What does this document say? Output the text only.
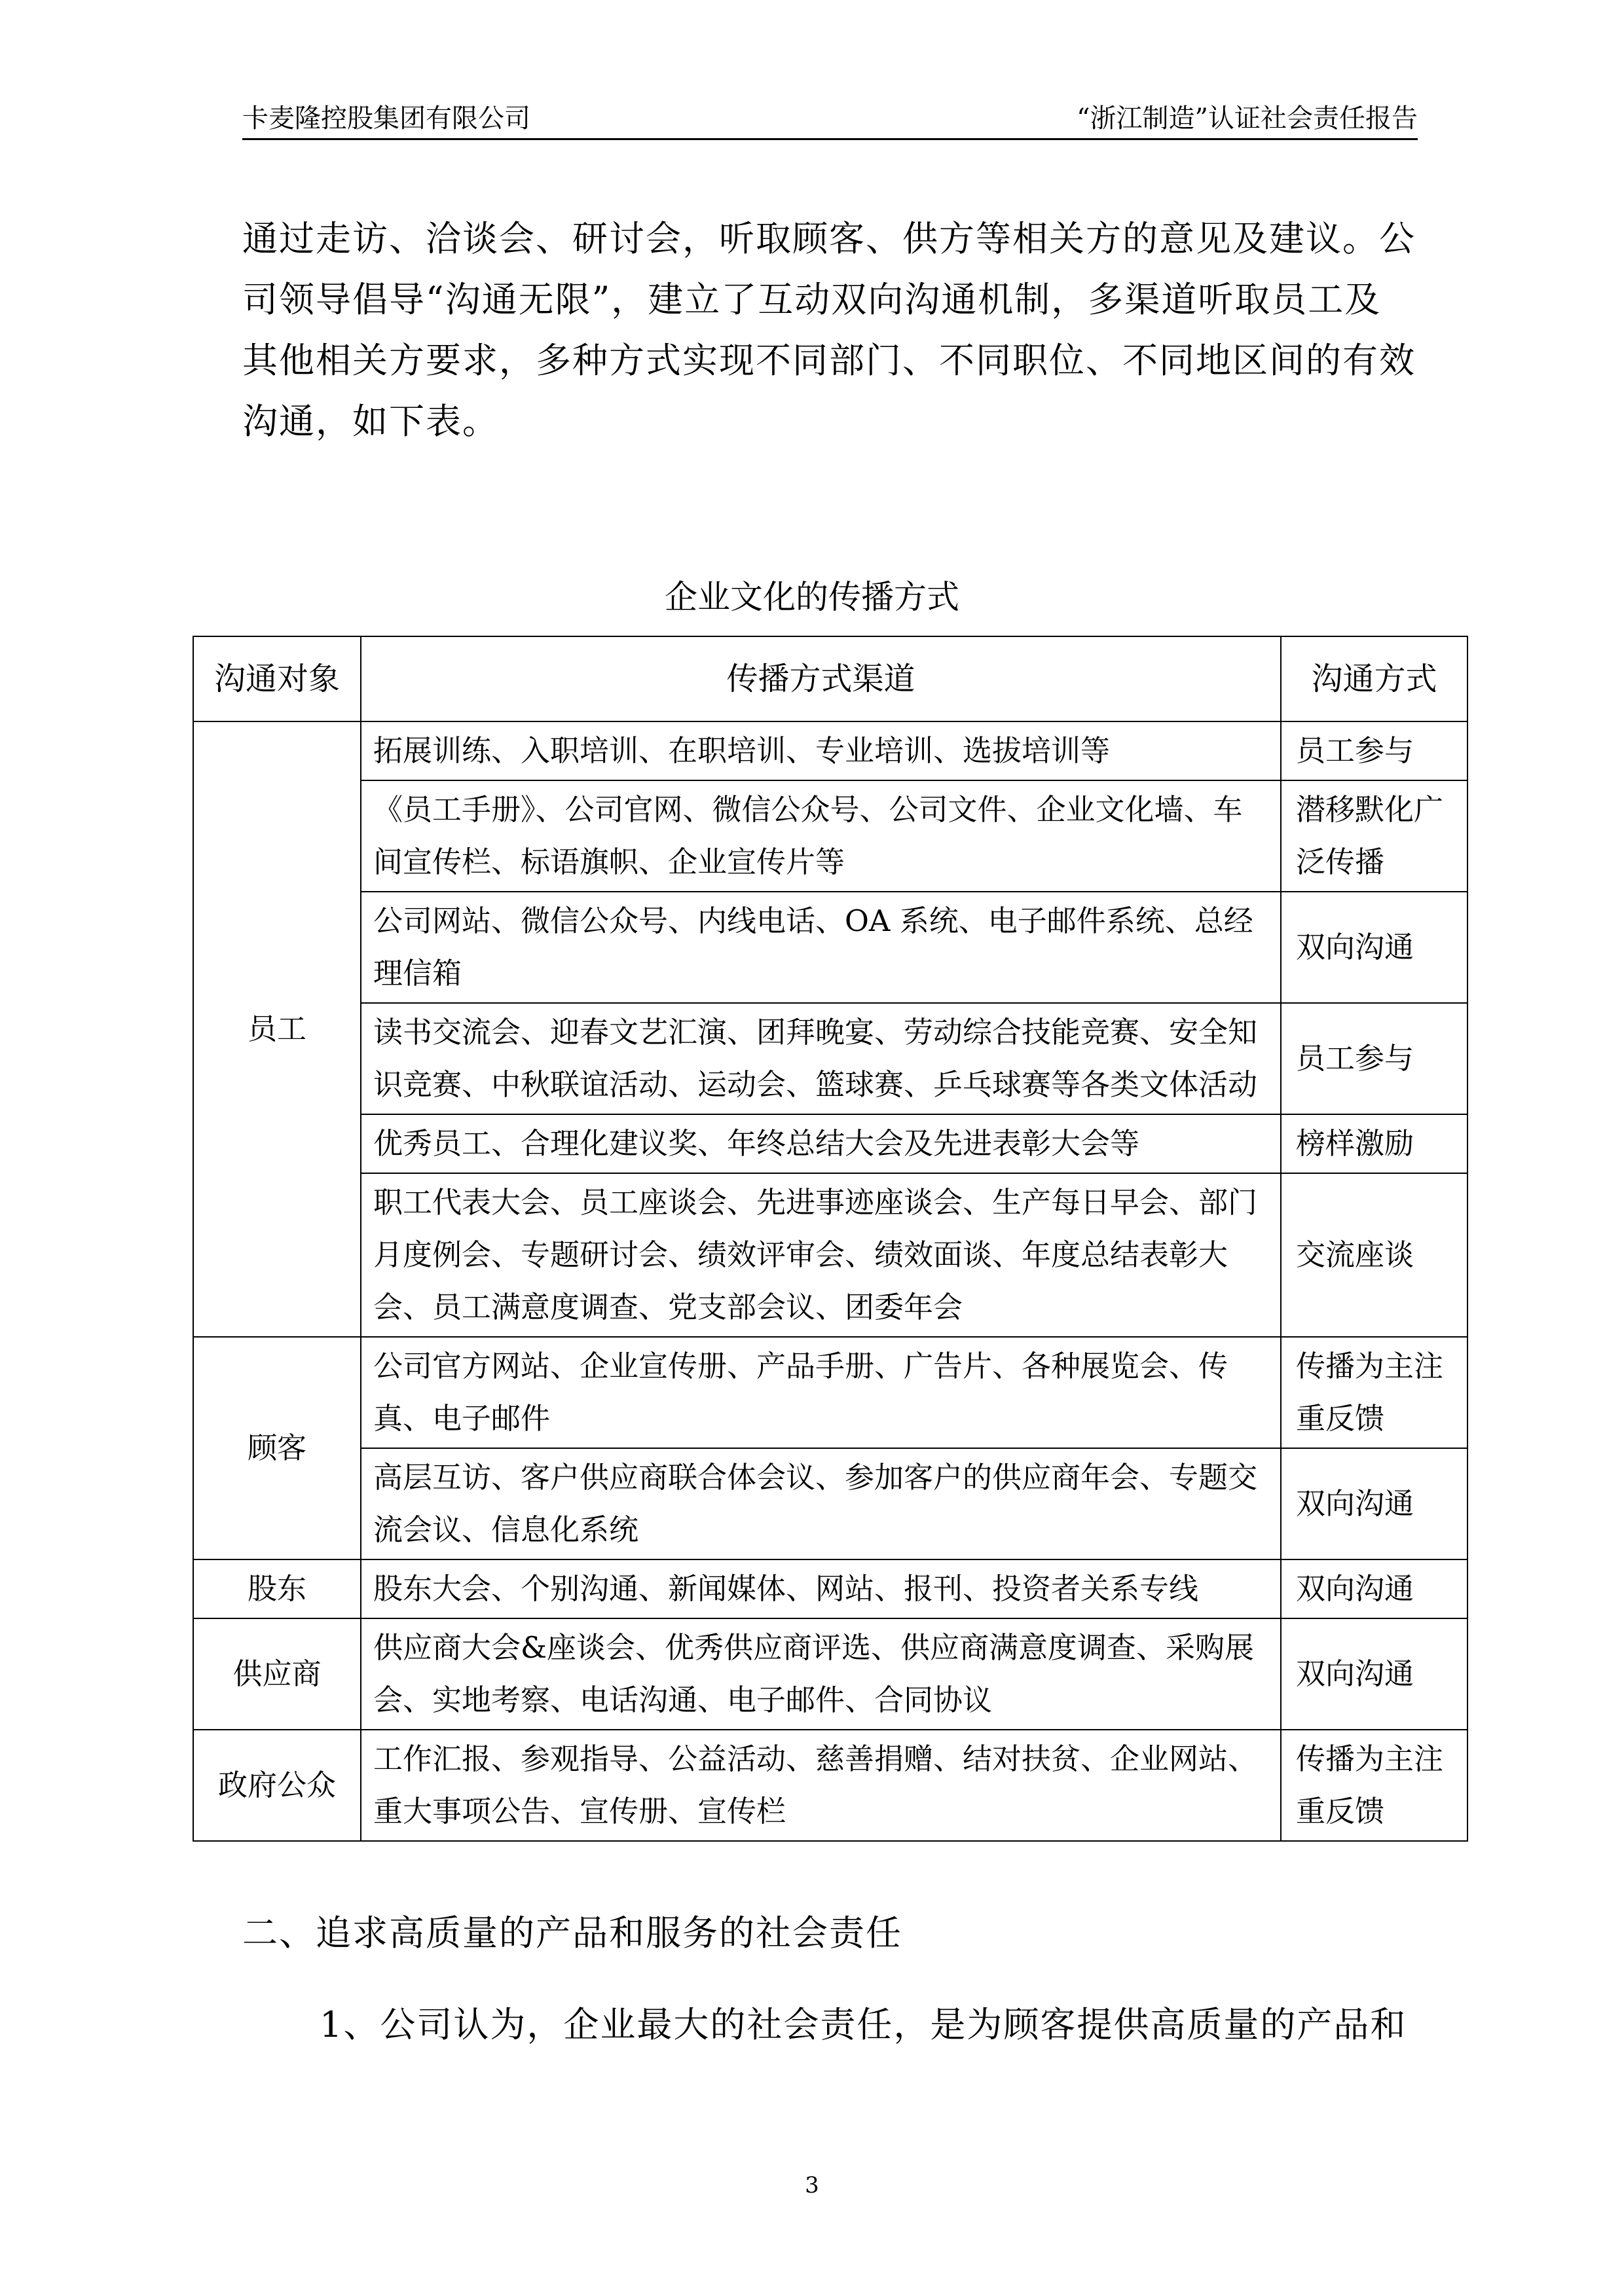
卡麦隆控股集团有限公司	“浙江制造”认证社会责任报告
通过走访、洽谈会、研讨会，听取顾客、供方等相关方的意见及建议。公司领导倡导“沟通无限”，建立了互动双向沟通机制，多渠道听取员工及其他相关方要求，多种方式实现不同部门、不同职位、不同地区间的有效沟通，如下表。
企业文化的传播方式
沟通对象	传播方式渠道	沟通方式
员工	拓展训练、入职培训、在职培训、专业培训、选拔培训等	员工参与
	《员工手册》、公司官网、微信公众号、公司文件、企业文化墙、车间宣传栏、标语旗帜、企业宣传片等	潜移默化广泛传播
	公司网站、微信公众号、内线电话、OA 系统、电子邮件系统、总经理信箱	双向沟通
	读书交流会、迎春文艺汇演、团拜晚宴、劳动综合技能竞赛、安全知识竞赛、中秋联谊活动、运动会、篮球赛、乒乓球赛等各类文体活动	员工参与
	优秀员工、合理化建议奖、年终总结大会及先进表彰大会等	榜样激励
	职工代表大会、员工座谈会、先进事迹座谈会、生产每日早会、部门月度例会、专题研讨会、绩效评审会、绩效面谈、年度总结表彰大会、员工满意度调查、党支部会议、团委年会	交流座谈
顾客	公司官方网站、企业宣传册、产品手册、广告片、各种展览会、传真、电子邮件	传播为主注重反馈
	高层互访、客户供应商联合体会议、参加客户的供应商年会、专题交流会议、信息化系统	双向沟通
股东	股东大会、个别沟通、新闻媒体、网站、报刊、投资者关系专线	双向沟通
供应商	供应商大会&座谈会、优秀供应商评选、供应商满意度调查、采购展会、实地考察、电话沟通、电子邮件、合同协议	双向沟通
政府公众	工作汇报、参观指导、公益活动、慈善捐赠、结对扶贫、企业网站、重大事项公告、宣传册、宣传栏	传播为主注重反馈
二、追求高质量的产品和服务的社会责任
1、公司认为，企业最大的社会责任，是为顾客提供高质量的产品和
3
